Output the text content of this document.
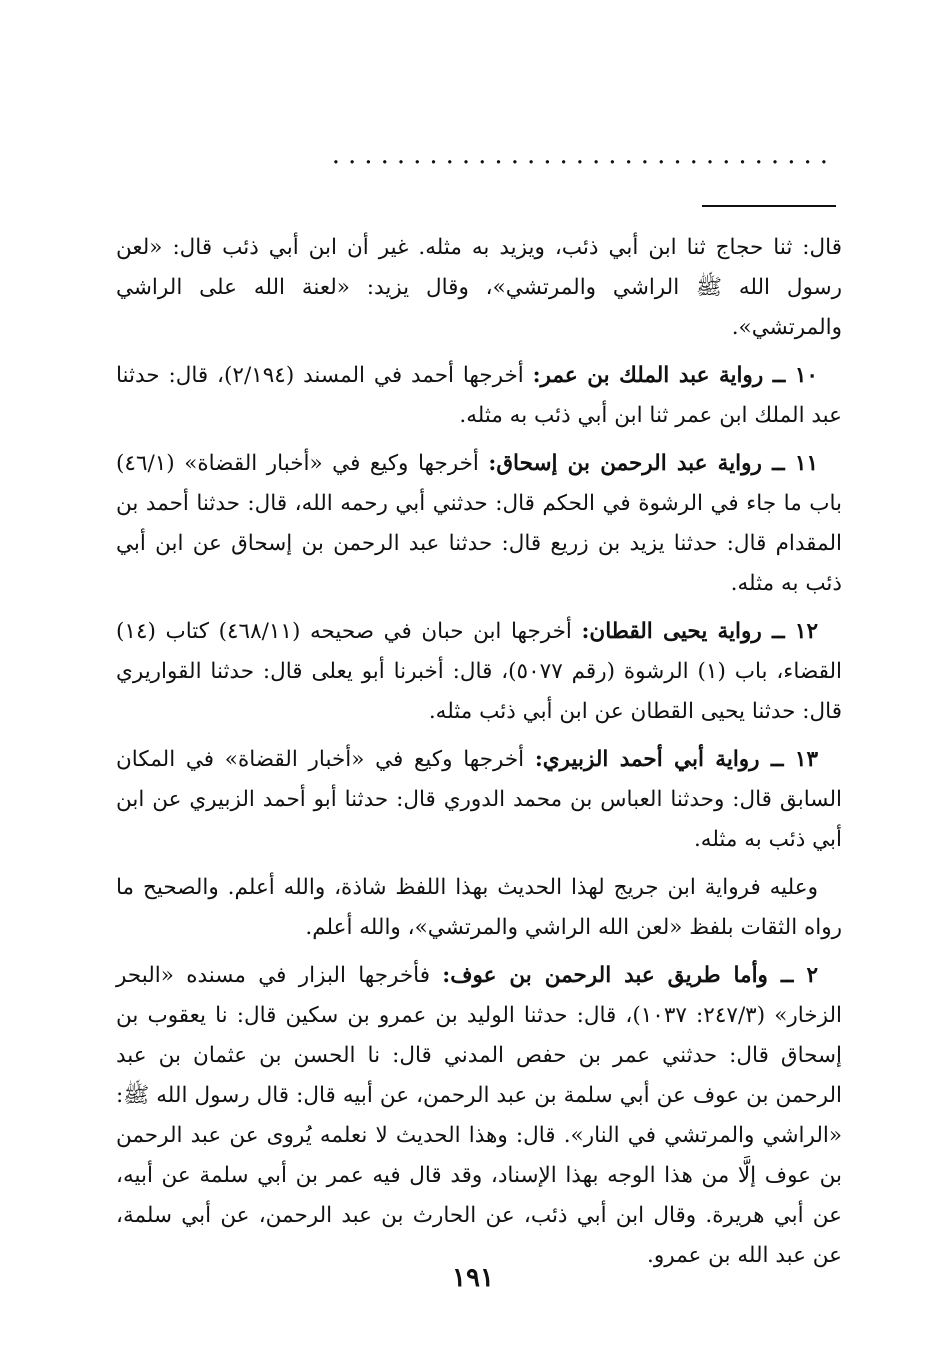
...............................

قال: ثنا حجاج ثنا ابن أبي ذئب، ويزيد به مثله. غير أن ابن أبي ذئب قال: «لعن رسول الله ﷺ الراشي والمرتشي»، وقال يزيد: «لعنة الله على الراشي والمرتشي».

١٠ ــ رواية عبد الملك بن عمر: أخرجها أحمد في المسند (٢/١٩٤)، قال: حدثنا عبد الملك ابن عمر ثنا ابن أبي ذئب به مثله.

١١ ــ رواية عبد الرحمن بن إسحاق: أخرجها وكيع في «أخبار القضاة» (٤٦/١) باب ما جاء في الرشوة في الحكم قال: حدثني أبي رحمه الله، قال: حدثنا أحمد بن المقدام قال: حدثنا يزيد بن زريع قال: حدثنا عبد الرحمن بن إسحاق عن ابن أبي ذئب به مثله.

١٢ ــ رواية يحيى القطان: أخرجها ابن حبان في صحيحه (٤٦٨/١١) كتاب (١٤) القضاء، باب (١) الرشوة (رقم ٥٠٧٧)، قال: أخبرنا أبو يعلى قال: حدثنا القواريري قال: حدثنا يحيى القطان عن ابن أبي ذئب مثله.

١٣ ــ رواية أبي أحمد الزبيري: أخرجها وكيع في «أخبار القضاة» في المكان السابق قال: وحدثنا العباس بن محمد الدوري قال: حدثنا أبو أحمد الزبيري عن ابن أبي ذئب به مثله.

وعليه فرواية ابن جريج لهذا الحديث بهذا اللفظ شاذة، والله أعلم. والصحيح ما رواه الثقات بلفظ «لعن الله الراشي والمرتشي»، والله أعلم.

٢ ــ وأما طريق عبد الرحمن بن عوف: فأخرجها البزار في مسنده «البحر الزخار» (٢٤٧/٣: ١٠٣٧)، قال: حدثنا الوليد بن عمرو بن سكين قال: نا يعقوب بن إسحاق قال: حدثني عمر بن حفص المدني قال: نا الحسن بن عثمان بن عبد الرحمن بن عوف عن أبي سلمة بن عبد الرحمن، عن أبيه قال: قال رسول الله ﷺ: «الراشي والمرتشي في النار». قال: وهذا الحديث لا نعلمه يُروى عن عبد الرحمن بن عوف إلَّا من هذا الوجه بهذا الإسناد، وقد قال فيه عمر بن أبي سلمة عن أبيه، عن أبي هريرة. وقال ابن أبي ذئب، عن الحارث بن عبد الرحمن، عن أبي سلمة، عن عبد الله بن عمرو.

١٩١
